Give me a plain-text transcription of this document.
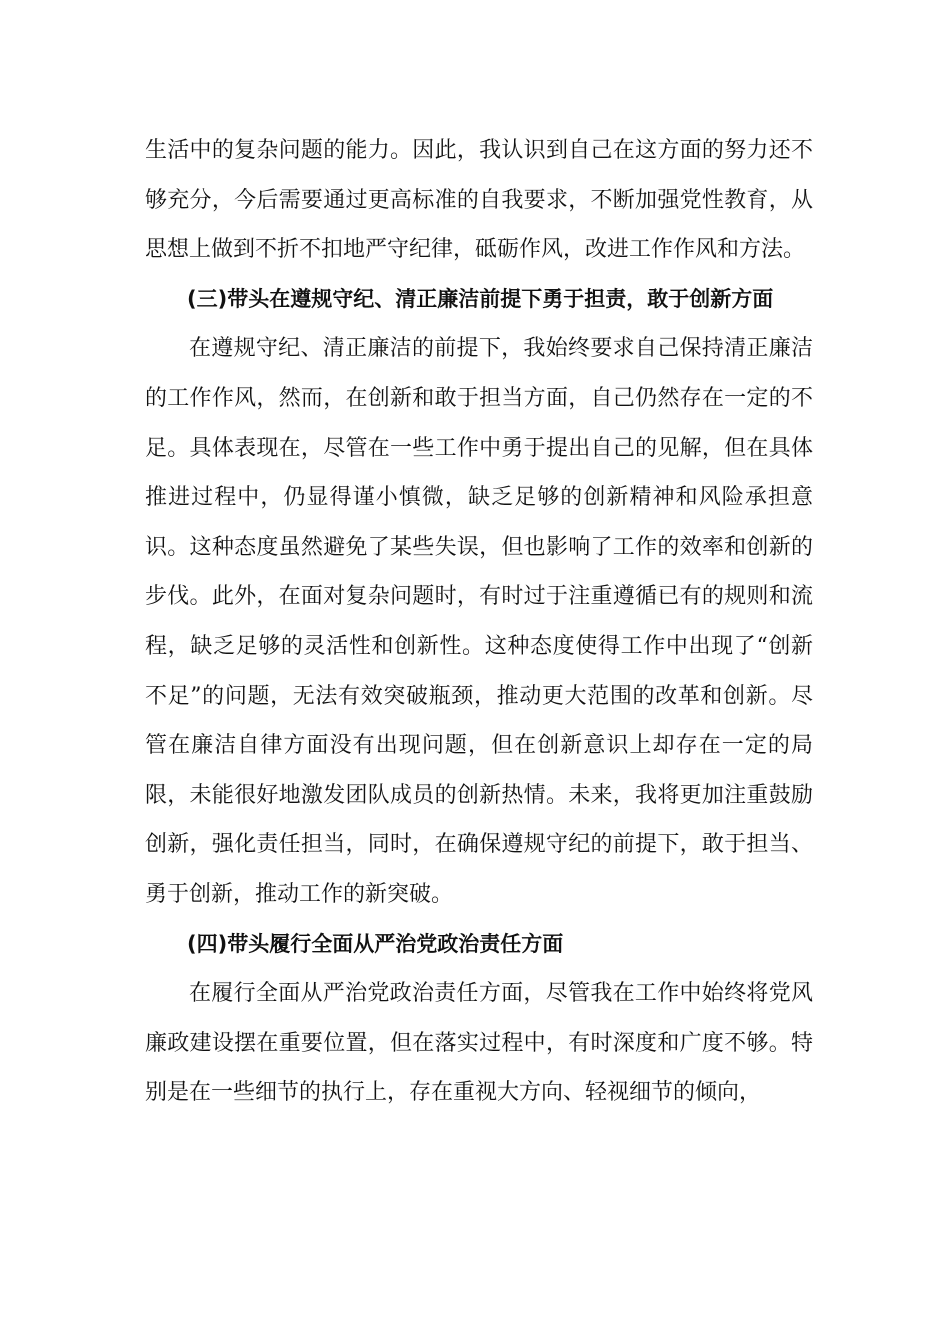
生活中的复杂问题的能力。因此，我认识到自己在这方面的努力还不够充分，今后需要通过更高标准的自我要求，不断加强党性教育，从思想上做到不折不扣地严守纪律，砥砺作风，改进工作作风和方法。

(三)带头在遵规守纪、清正廉洁前提下勇于担责，敢于创新方面

在遵规守纪、清正廉洁的前提下，我始终要求自己保持清正廉洁的工作作风，然而，在创新和敢于担当方面，自己仍然存在一定的不足。具体表现在，尽管在一些工作中勇于提出自己的见解，但在具体推进过程中，仍显得谨小慎微，缺乏足够的创新精神和风险承担意识。这种态度虽然避免了某些失误，但也影响了工作的效率和创新的步伐。此外，在面对复杂问题时，有时过于注重遵循已有的规则和流程，缺乏足够的灵活性和创新性。这种态度使得工作中出现了“创新不足”的问题，无法有效突破瓶颈，推动更大范围的改革和创新。尽管在廉洁自律方面没有出现问题，但在创新意识上却存在一定的局限，未能很好地激发团队成员的创新热情。未来，我将更加注重鼓励创新，强化责任担当，同时，在确保遵规守纪的前提下，敢于担当、勇于创新，推动工作的新突破。

(四)带头履行全面从严治党政治责任方面

在履行全面从严治党政治责任方面，尽管我在工作中始终将党风廉政建设摆在重要位置，但在落实过程中，有时深度和广度不够。特别是在一些细节的执行上，存在重视大方向、轻视细节的倾向，
